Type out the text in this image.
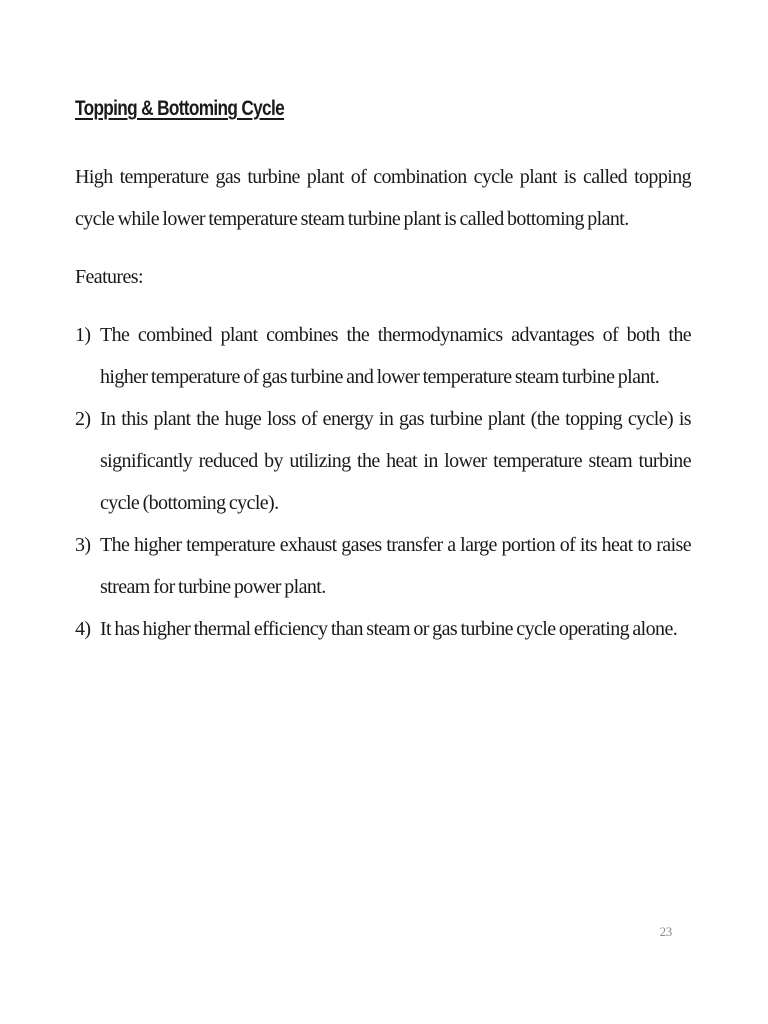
Topping & Bottoming Cycle

High temperature gas turbine plant of combination cycle plant is called topping cycle while lower temperature steam turbine plant is called bottoming plant.

Features:

1) The combined plant combines the thermodynamics advantages of both the higher temperature of gas turbine and lower temperature steam turbine plant.
2) In this plant the huge loss of energy in gas turbine plant (the topping cycle) is significantly reduced by utilizing the heat in lower temperature steam turbine cycle (bottoming cycle).
3) The higher temperature exhaust gases transfer a large portion of its heat to raise stream for turbine power plant.
4) It has higher thermal efficiency than steam or gas turbine cycle operating alone.
23
